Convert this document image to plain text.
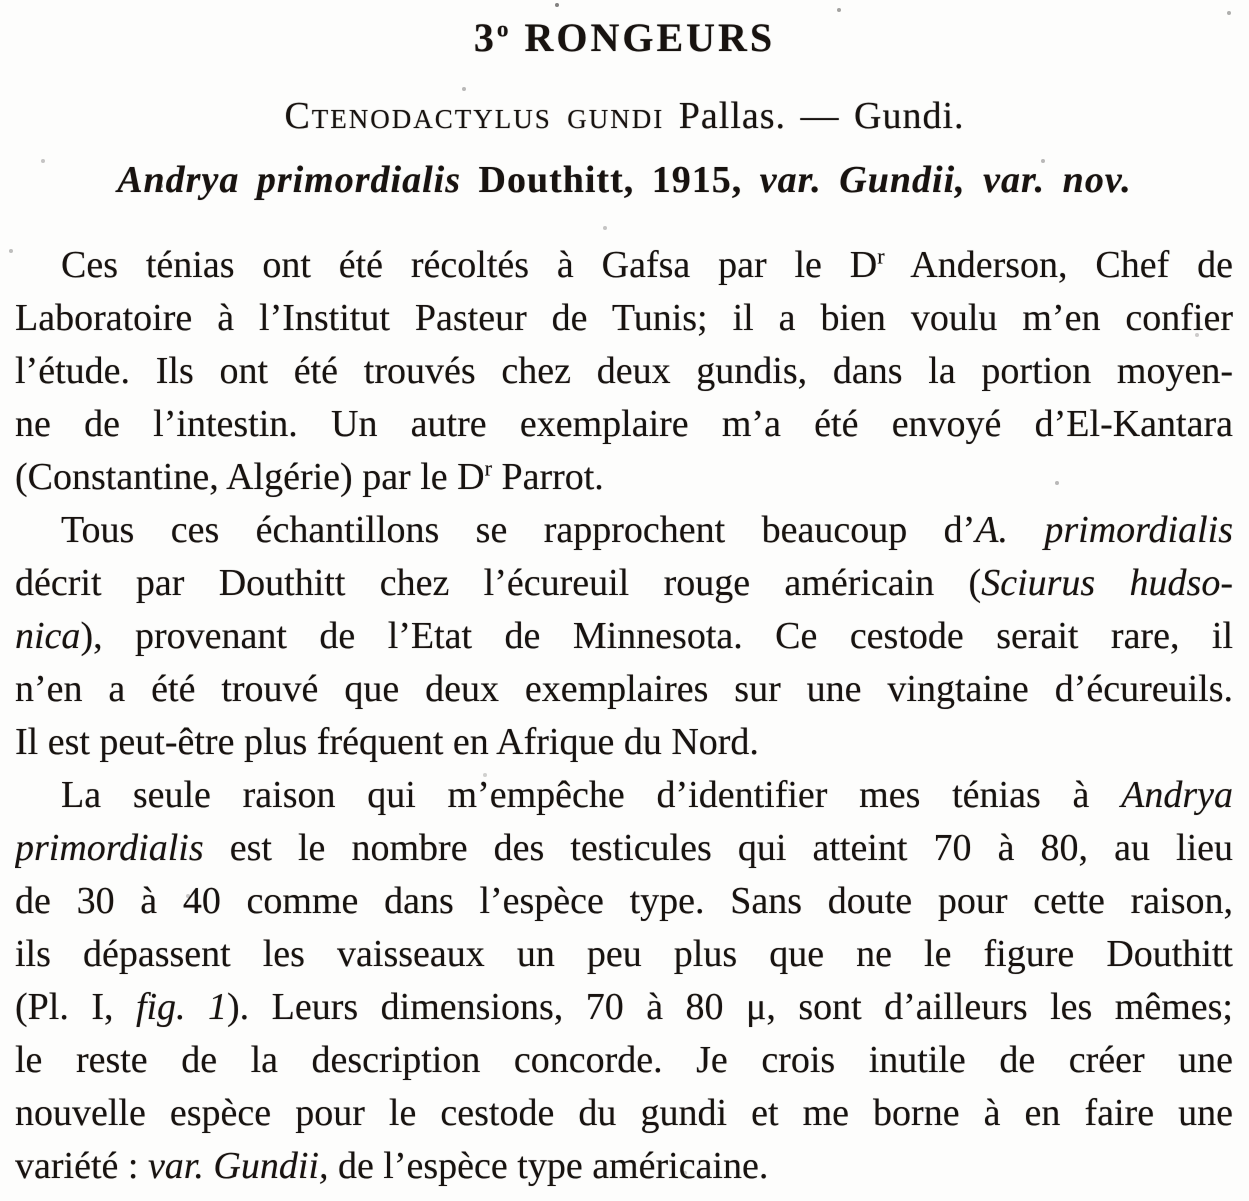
3$^o$ RONGEURS
Ctenodactylus gundi Pallas. — Gundi.
Andrya primordialis Douthitt, 1915, var. Gundii, var. nov.
Ces ténias ont été récoltés à Gafsa par le $D^r$ Anderson, Chef de
Laboratoire à l’Institut Pasteur de Tunis; il a bien voulu m’en confier
l’étude. Ils ont été trouvés chez deux gundis, dans la portion moyen-
ne de l’intestin. Un autre exemplaire m’a été envoyé d’El-Kantara
(Constantine, Algérie) par le $D^r$ Parrot.
Tous ces échantillons se rapprochent beaucoup d’A. primordialis
décrit par Douthitt chez l’écureuil rouge américain (Sciurus hudso-
nica), provenant de l’Etat de Minnesota. Ce cestode serait rare, il
n’en a été trouvé que deux exemplaires sur une vingtaine d’écureuils.
Il est peut-être plus fréquent en Afrique du Nord.
La seule raison qui m’empêche d’identifier mes ténias à Andrya
primordialis est le nombre des testicules qui atteint 70 à 80, au lieu
de 30 à 40 comme dans l’espèce type. Sans doute pour cette raison,
ils dépassent les vaisseaux un peu plus que ne le figure Douthitt
(Pl. I, fig. 1). Leurs dimensions, 70 à 80 μ, sont d’ailleurs les mêmes;
le reste de la description concorde. Je crois inutile de créer une
nouvelle espèce pour le cestode du gundi et me borne à en faire une
variété : var. Gundii, de l’espèce type américaine.
